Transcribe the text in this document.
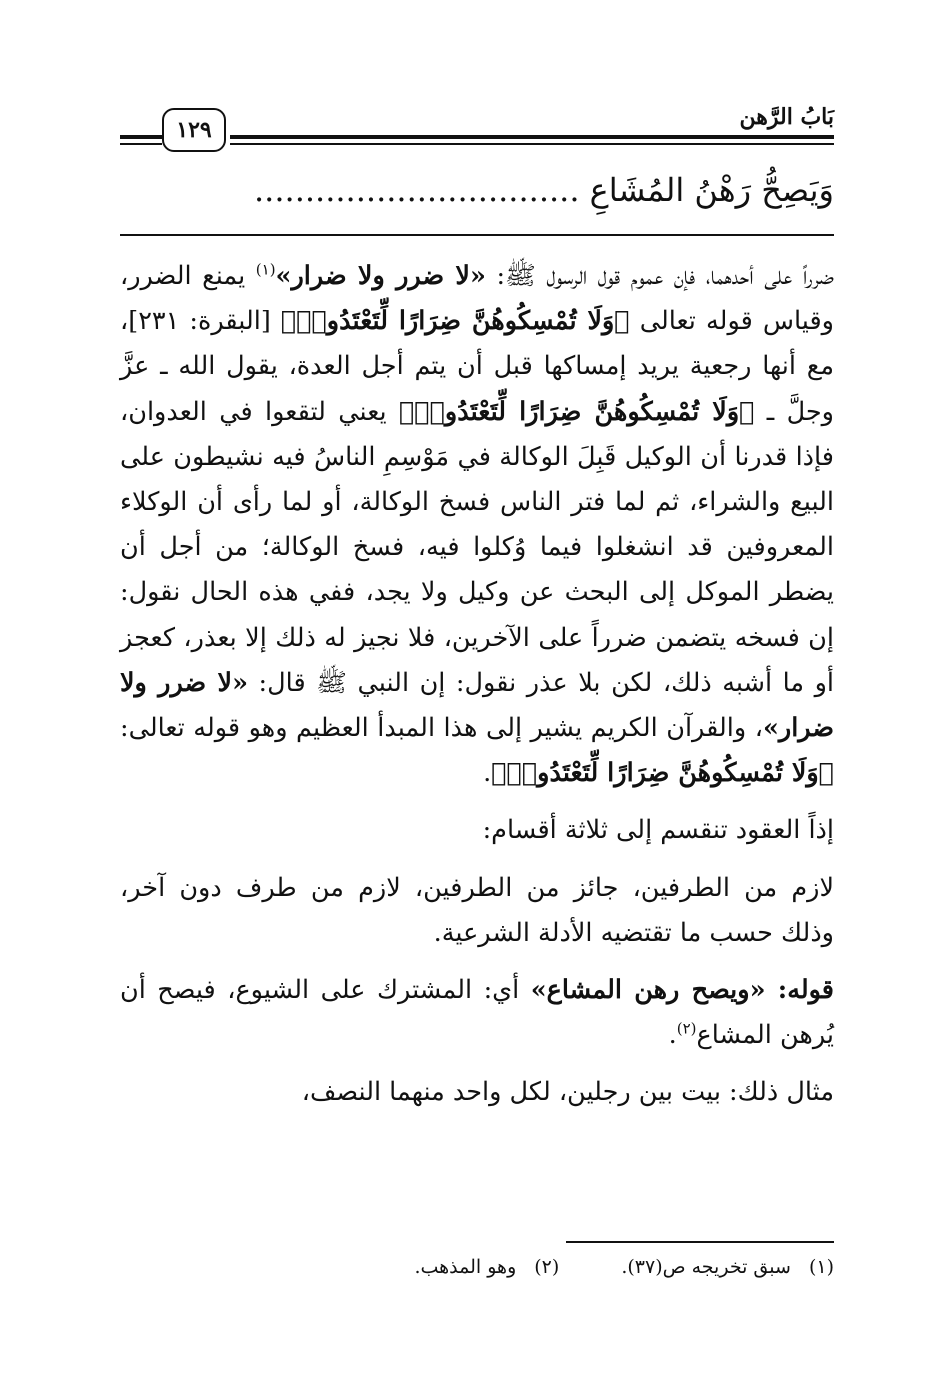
بَابُ الرَّهن
١٢٩
وَيَصِحُّ رَهْنُ المُشَاعِ ................................

ضرراً على أحدهما، فإن عموم قول الرسول ﷺ: «لا ضرر ولا ضرار»$^{(١)}$ يمنع الضرر، وقياس قوله تعالى ﴿وَلَا تُمْسِكُوهُنَّ ضِرَارًا لِّتَعْتَدُوا۟﴾ [البقرة: ٢٣١]، مع أنها رجعية يريد إمساكها قبل أن يتم أجل العدة، يقول الله ـ عزَّ وجلَّ ـ ﴿وَلَا تُمْسِكُوهُنَّ ضِرَارًا لِّتَعْتَدُوا۟﴾ يعني لتقعوا في العدوان، فإذا قدرنا أن الوكيل قَبِلَ الوكالة في مَوْسِمِ الناسُ فيه نشيطون على البيع والشراء، ثم لما فتر الناس فسخ الوكالة، أو لما رأى أن الوكلاء المعروفين قد انشغلوا فيما وُكلوا فيه، فسخ الوكالة؛ من أجل أن يضطر الموكل إلى البحث عن وكيل ولا يجد، ففي هذه الحال نقول: إن فسخه يتضمن ضرراً على الآخرين، فلا نجيز له ذلك إلا بعذر، كعجز أو ما أشبه ذلك، لكن بلا عذر نقول: إن النبي ﷺ قال: «لا ضرر ولا ضرار»، والقرآن الكريم يشير إلى هذا المبدأ العظيم وهو قوله تعالى: ﴿وَلَا تُمْسِكُوهُنَّ ضِرَارًا لِّتَعْتَدُوا۟﴾.

إذاً العقود تنقسم إلى ثلاثة أقسام:

لازم من الطرفين، جائز من الطرفين، لازم من طرف دون آخر، وذلك حسب ما تقتضيه الأدلة الشرعية.

قوله: «ويصح رهن المشاع» أي: المشترك على الشيوع، فيصح أن يُرهن المشاع$^{(٢)}$.

مثال ذلك: بيت بين رجلين، لكل واحد منهما النصف،

(١)
سبق تخريجه ص(٣٧).
(٢)
وهو المذهب.
